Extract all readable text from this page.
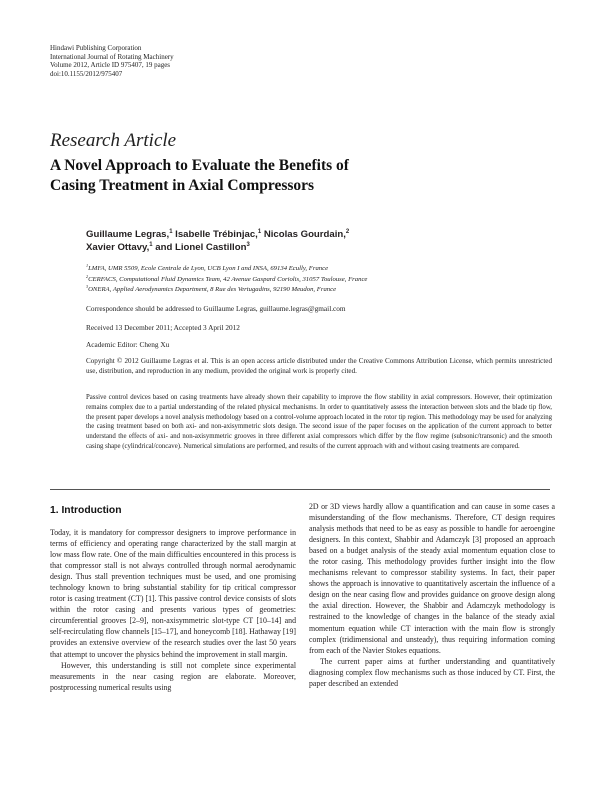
Hindawi Publishing Corporation
International Journal of Rotating Machinery
Volume 2012, Article ID 975407, 19 pages
doi:10.1155/2012/975407
Research Article
A Novel Approach to Evaluate the Benefits of
Casing Treatment in Axial Compressors
Guillaume Legras,$^1$ Isabelle Trébinjac,$^1$ Nicolas Gourdain,$^2$
Xavier Ottavy,$^1$ and Lionel Castillon$^3$
$^1$LMFA, UMR 5509, Ecole Centrale de Lyon, UCB Lyon I and INSA, 69134 Ecully, France
$^2$CERFACS, Computational Fluid Dynamics Team, 42 Avenue Gaspard Coriolis, 31057 Toulouse, France
$^3$ONERA, Applied Aerodynamics Department, 8 Rue des Vertugadins, 92190 Meudon, France
Correspondence should be addressed to Guillaume Legras, guillaume.legras@gmail.com
Received 13 December 2011; Accepted 3 April 2012
Academic Editor: Cheng Xu
Copyright © 2012 Guillaume Legras et al. This is an open access article distributed under the Creative Commons Attribution License, which permits unrestricted use, distribution, and reproduction in any medium, provided the original work is properly cited.
Passive control devices based on casing treatments have already shown their capability to improve the flow stability in axial compressors. However, their optimization remains complex due to a partial understanding of the related physical mechanisms. In order to quantitatively assess the interaction between slots and the blade tip flow, the present paper develops a novel analysis methodology based on a control-volume approach located in the rotor tip region. This methodology may be used for analyzing the casing treatment based on both axi- and non-axisymmetric slots design. The second issue of the paper focuses on the application of the current approach to better understand the effects of axi- and non-axisymmetric grooves in three different axial compressors which differ by the flow regime (subsonic/transonic) and the smooth casing shape (cylindrical/concave). Numerical simulations are performed, and results of the current approach with and without casing treatments are compared.
1. Introduction

Today, it is mandatory for compressor designers to improve performance in terms of efficiency and operating range characterized by the stall margin at low mass flow rate. One of the main difficulties encountered in this process is that compressor stall is not always controlled through normal aerodynamic design. Thus stall prevention techniques must be used, and one promising technology known to bring substantial stability for tip critical compressor rotor is casing treatment (CT) [1]. This passive control device consists of slots within the rotor casing and presents various types of geometries: circumferential grooves [2–9], non-axisymmetric slot-type CT [10–14] and self-recirculating flow channels [15–17], and honeycomb [18]. Hathaway [19] provides an extensive overview of the research studies over the last 50 years that attempt to uncover the physics behind the improvement in stall margin.

However, this understanding is still not complete since experimental measurements in the near casing region are elaborate. Moreover, postprocessing numerical results using

2D or 3D views hardly allow a quantification and can cause in some cases a misunderstanding of the flow mechanisms. Therefore, CT design requires analysis methods that need to be as easy as possible to handle for aeroengine designers. In this context, Shabbir and Adamczyk [3] proposed an approach based on a budget analysis of the steady axial momentum equation close to the rotor casing. This methodology provides further insight into the flow mechanisms relevant to compressor stability systems. In fact, their paper shows the approach is innovative to quantitatively ascertain the influence of a design on the near casing flow and provides guidance on groove design along the axial direction. However, the Shabbir and Adamczyk methodology is restrained to the knowledge of changes in the balance of the steady axial momentum equation while CT interaction with the main flow is strongly complex (tridimensional and unsteady), thus requiring information coming from each of the Navier Stokes equations.

The current paper aims at further understanding and quantitatively diagnosing complex flow mechanisms such as those induced by CT. First, the paper described an extended
